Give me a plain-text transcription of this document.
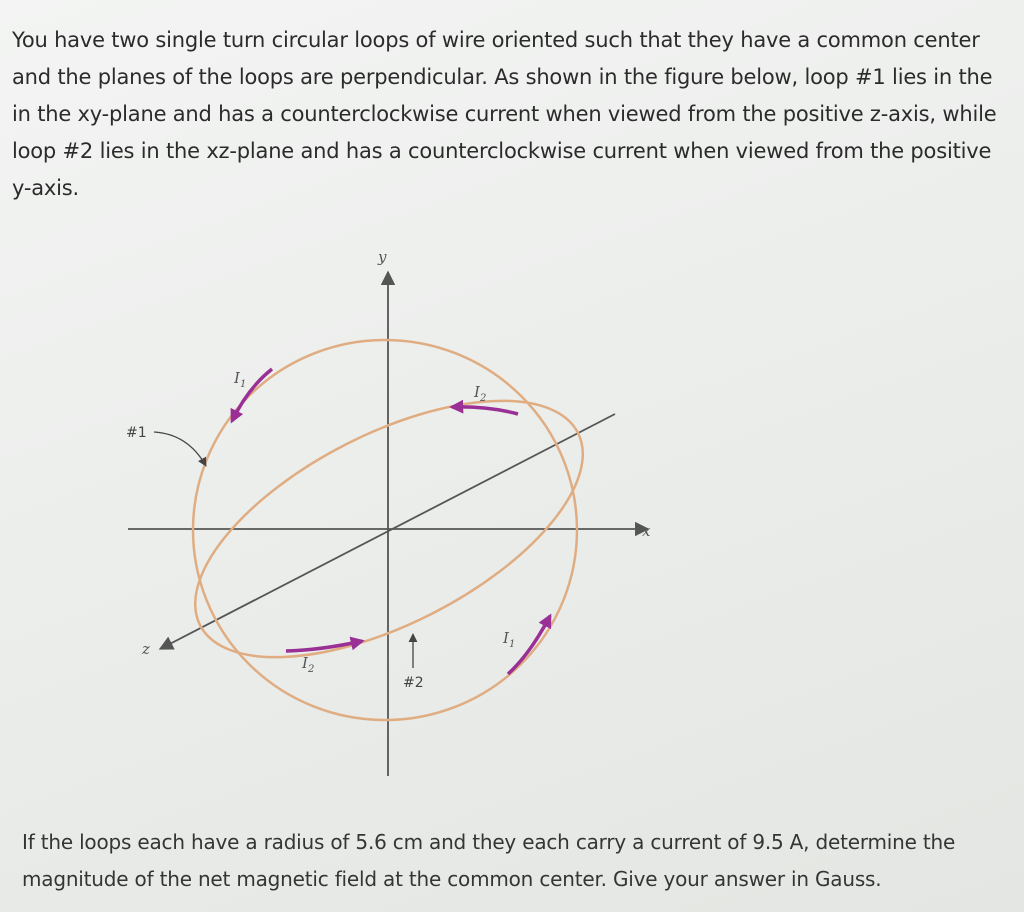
You have two single turn circular loops of wire oriented such that they have a common center and the planes of the loops are perpendicular. As shown in the figure below, loop #1 lies in the in the xy-plane and has a counterclockwise current when viewed from the positive z-axis, while loop #2 lies in the xz-plane and has a counterclockwise current when viewed from the positive y-axis.

y
x
z
#1
#2
$I_1$	$I_2$
$I_1$
$I_2$

If the loops each have a radius of 5.6 cm and they each carry a current of 9.5 A, determine the magnitude of the net magnetic field at the common center. Give your answer in Gauss.
